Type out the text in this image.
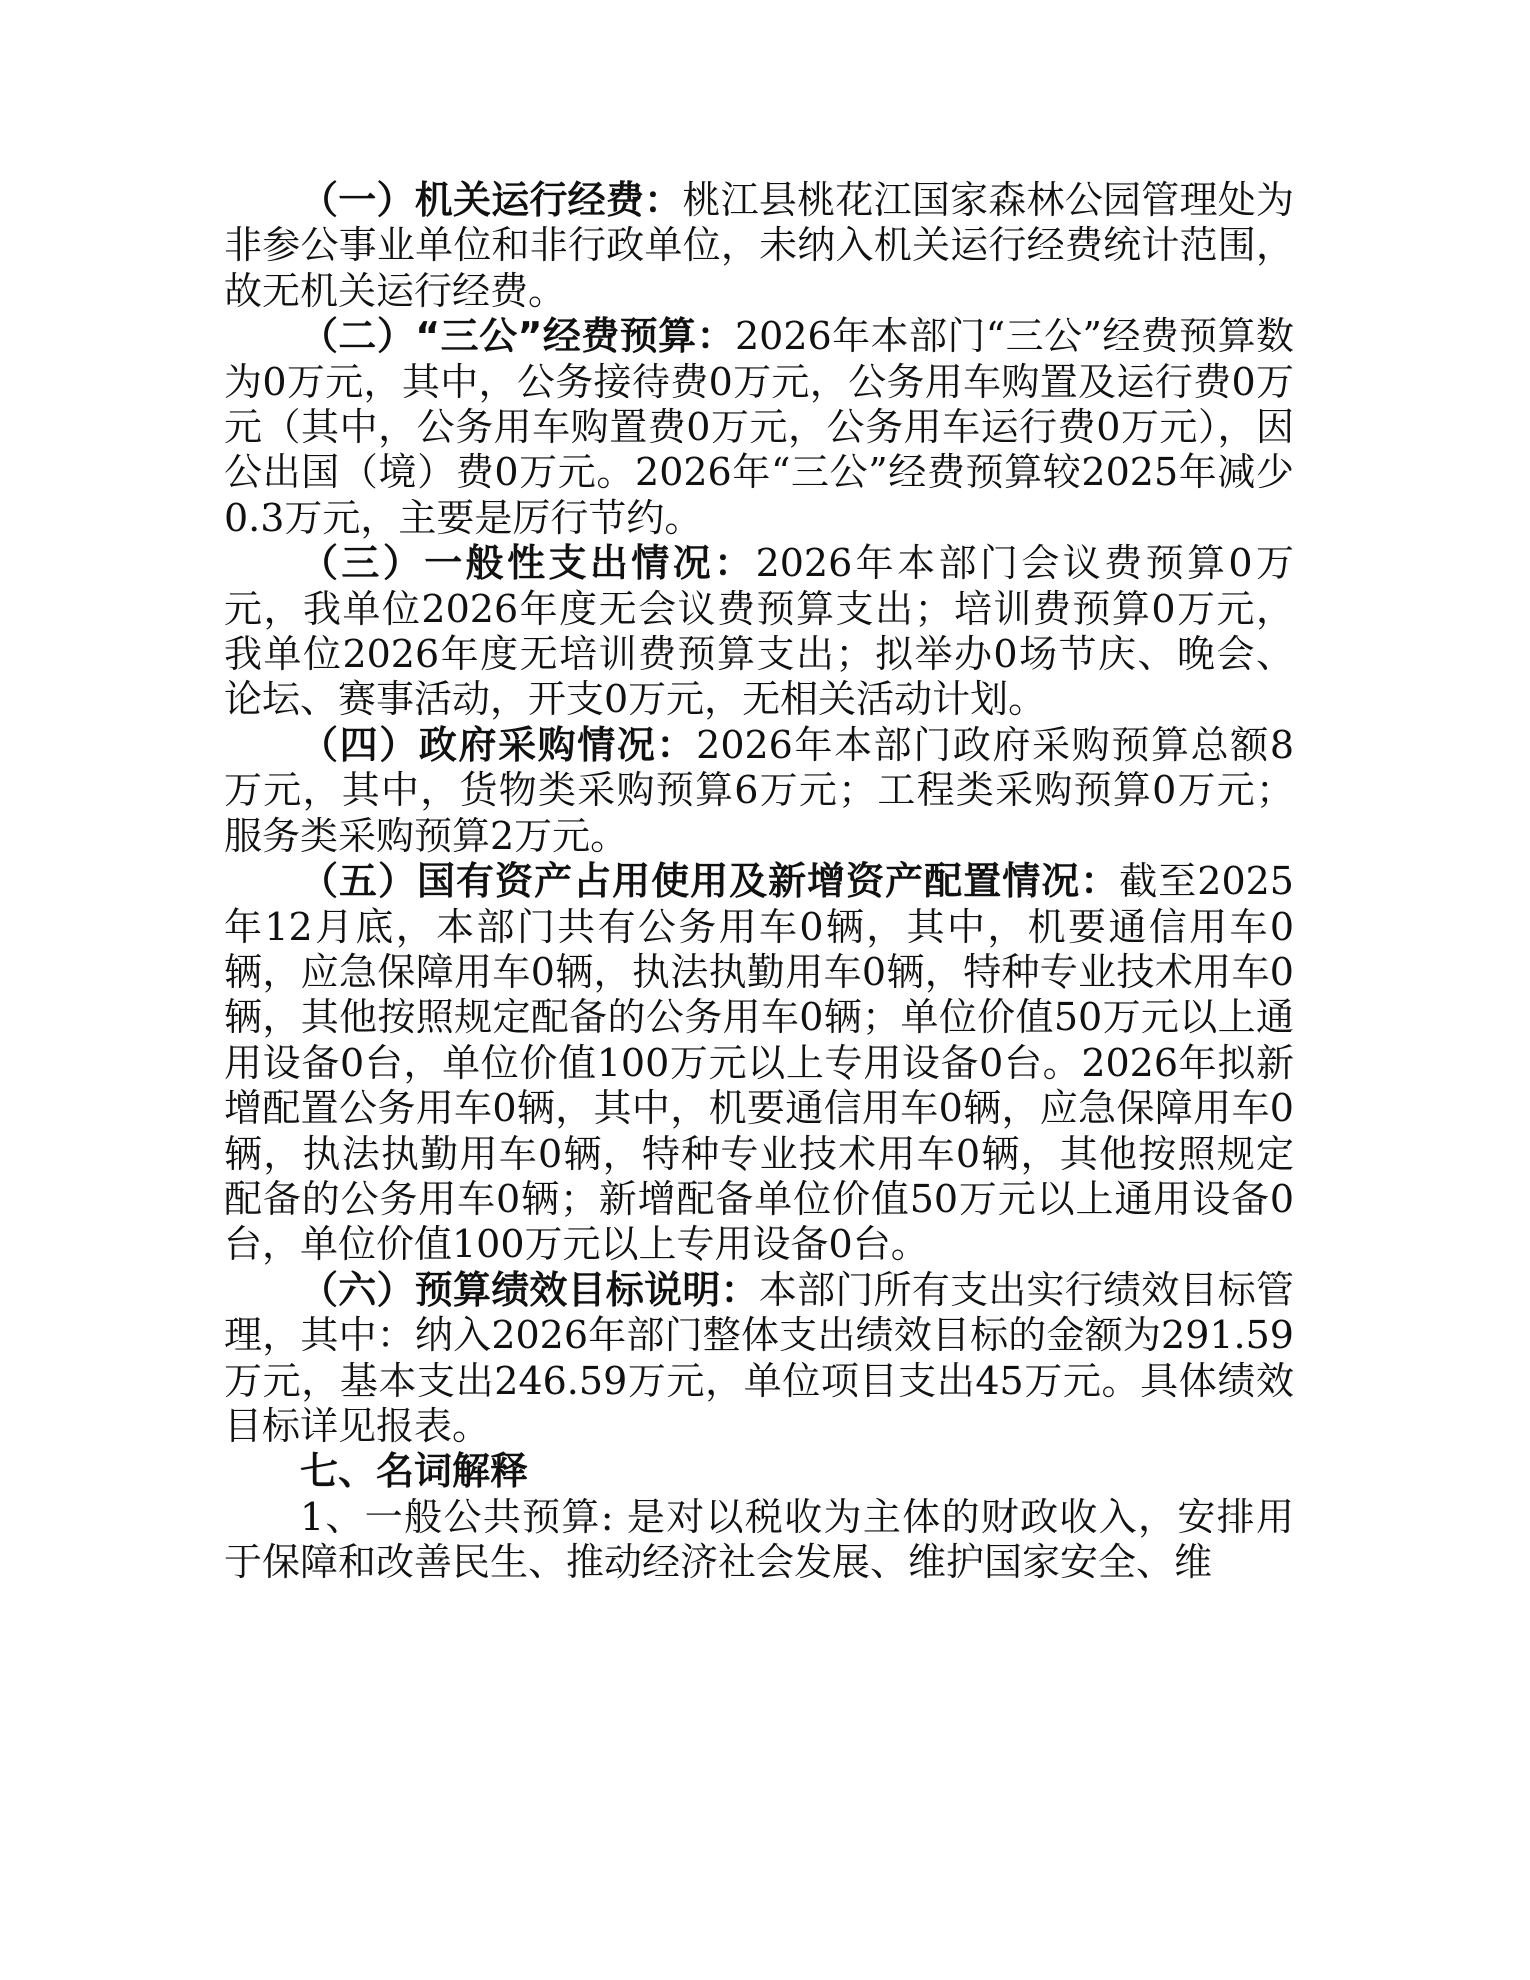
（一）机关运行经费：桃江县桃花江国家森林公园管理处为非参公事业单位和非行政单位，未纳入机关运行经费统计范围，故无机关运行经费。

（二）“三公”经费预算：2026年本部门“三公”经费预算数为0万元，其中，公务接待费0万元，公务用车购置及运行费0万元（其中，公务用车购置费0万元，公务用车运行费0万元），因公出国（境）费0万元。2026年“三公”经费预算较2025年减少0.3万元，主要是厉行节约。

（三）一般性支出情况：2026年本部门会议费预算0万元，我单位2026年度无会议费预算支出；培训费预算0万元，我单位2026年度无培训费预算支出；拟举办0场节庆、晚会、论坛、赛事活动，开支0万元，无相关活动计划。

（四）政府采购情况：2026年本部门政府采购预算总额8万元，其中，货物类采购预算6万元；工程类采购预算0万元；服务类采购预算2万元。

（五）国有资产占用使用及新增资产配置情况：截至2025年12月底，本部门共有公务用车0辆，其中，机要通信用车0辆，应急保障用车0辆，执法执勤用车0辆，特种专业技术用车0辆，其他按照规定配备的公务用车0辆；单位价值50万元以上通用设备0台，单位价值100万元以上专用设备0台。2026年拟新增配置公务用车0辆，其中，机要通信用车0辆，应急保障用车0辆，执法执勤用车0辆，特种专业技术用车0辆，其他按照规定配备的公务用车0辆；新增配备单位价值50万元以上通用设备0台，单位价值100万元以上专用设备0台。

（六）预算绩效目标说明：本部门所有支出实行绩效目标管理，其中：纳入2026年部门整体支出绩效目标的金额为291.59万元，基本支出246.59万元，单位项目支出45万元。具体绩效目标详见报表。

七、名词解释

1、一般公共预算: 是对以税收为主体的财政收入，安排用于保障和改善民生、推动经济社会发展、维护国家安全、维
